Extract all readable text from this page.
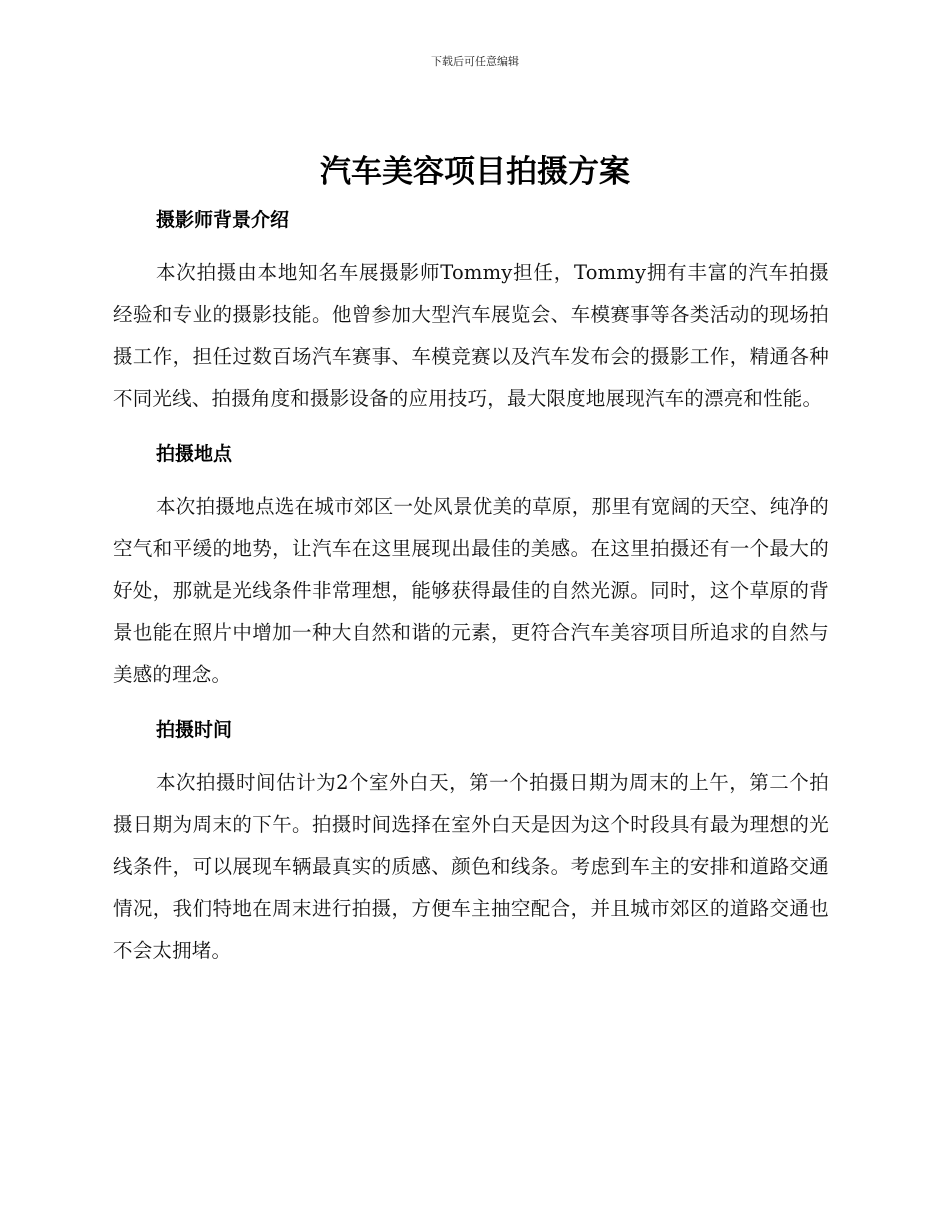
下载后可任意编辑
汽车美容项目拍摄方案
摄影师背景介绍

本次拍摄由本地知名车展摄影师Tommy担任，Tommy拥有丰富的汽车拍摄经验和专业的摄影技能。他曾参加大型汽车展览会、车模赛事等各类活动的现场拍摄工作，担任过数百场汽车赛事、车模竞赛以及汽车发布会的摄影工作，精通各种不同光线、拍摄角度和摄影设备的应用技巧，最大限度地展现汽车的漂亮和性能。

拍摄地点

本次拍摄地点选在城市郊区一处风景优美的草原，那里有宽阔的天空、纯净的空气和平缓的地势，让汽车在这里展现出最佳的美感。在这里拍摄还有一个最大的好处，那就是光线条件非常理想，能够获得最佳的自然光源。同时，这个草原的背景也能在照片中增加一种大自然和谐的元素，更符合汽车美容项目所追求的自然与美感的理念。

拍摄时间

本次拍摄时间估计为2个室外白天，第一个拍摄日期为周末的上午，第二个拍摄日期为周末的下午。拍摄时间选择在室外白天是因为这个时段具有最为理想的光线条件，可以展现车辆最真实的质感、颜色和线条。考虑到车主的安排和道路交通情况，我们特地在周末进行拍摄，方便车主抽空配合，并且城市郊区的道路交通也不会太拥堵。
